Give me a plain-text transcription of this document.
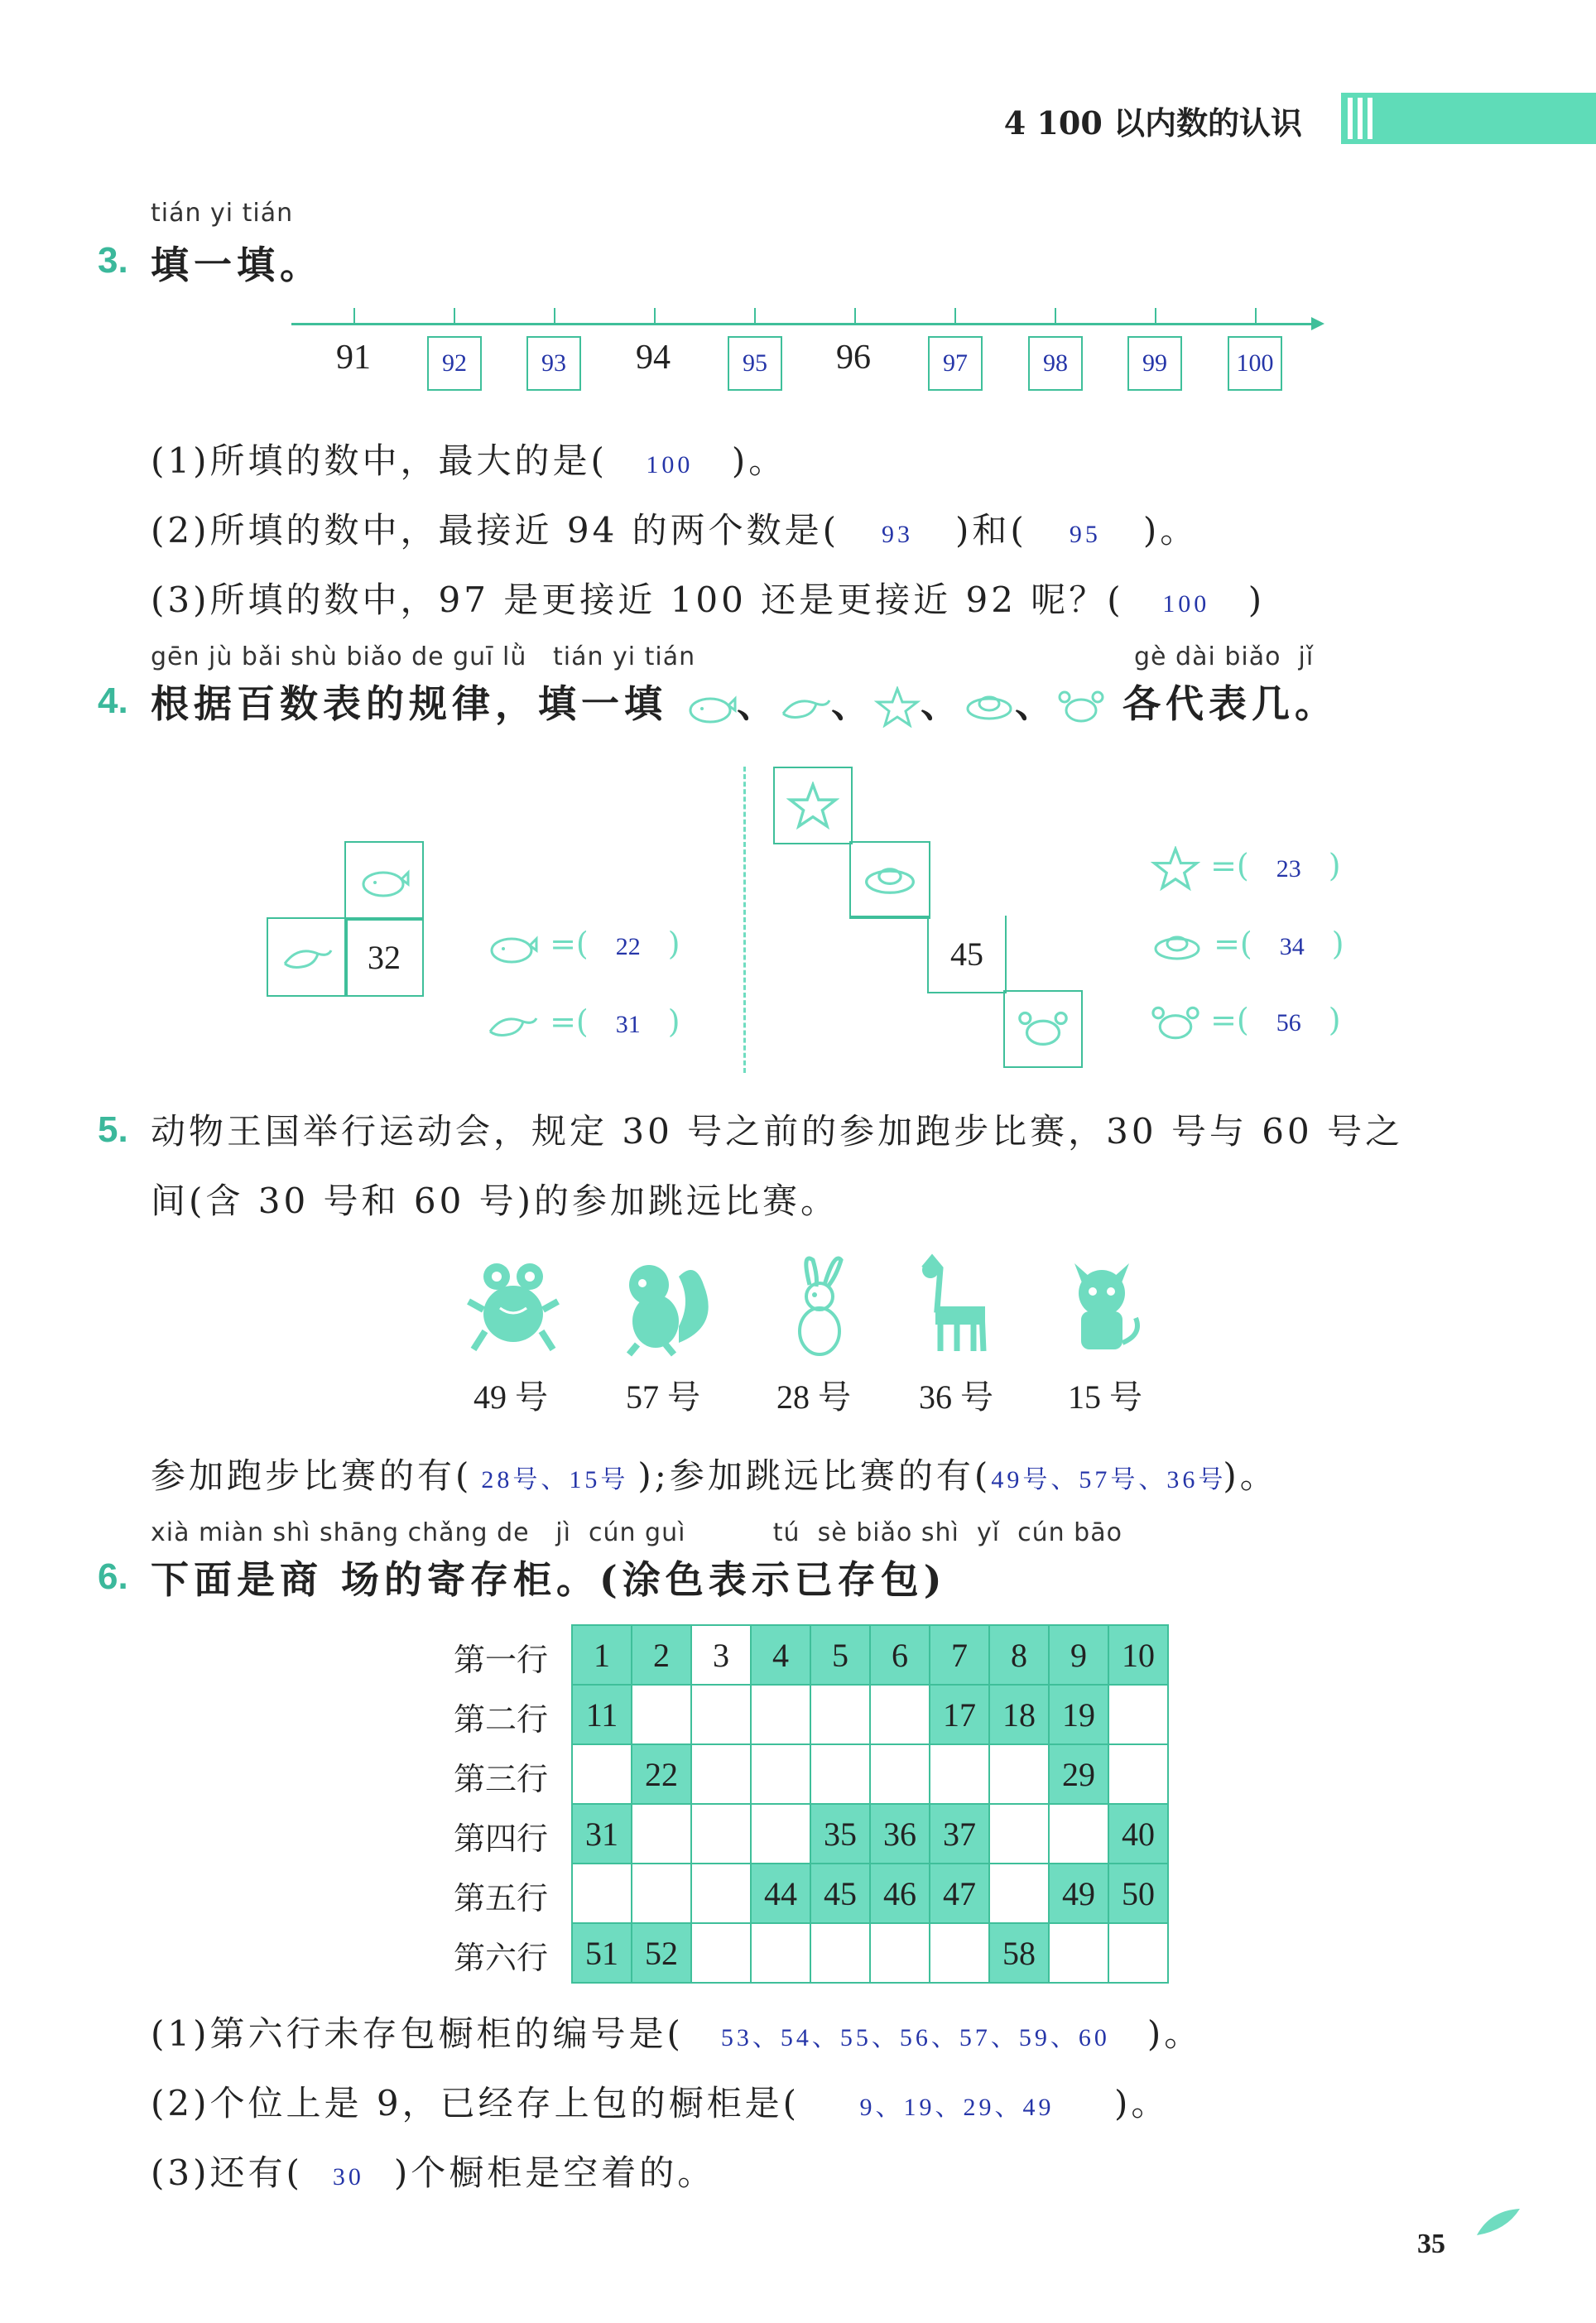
4 100 以内数的认识
tián yi tián
3. 填一填。
91	92	93	94	95	96	97	98	99	100
(1)所填的数中，最大的是( 100 )。
(2)所填的数中，最接近 94 的两个数是( 93 )和( 95 )。
(3)所填的数中，97 是更接近 100 还是更接近 92 呢？( 100 )
gēn jù bǎi shù biǎo de guī lǜ   tián yi tián	gè dài biǎo  jǐ
4. 根据百数表的规律，填一填 、 、 、 、 各代表几。
32	=( 22 )
=( 31 )
45
=( 23 )
=( 34 )
=( 56 )
5. 动物王国举行运动会，规定 30 号之前的参加跑步比赛，30 号与 60 号之
间(含 30 号和 60 号)的参加跳远比赛。
49 号 57 号 28 号 36 号 15 号
参加跑步比赛的有( 28号、15号 );参加跳远比赛的有(49号、57号、36号)。
xià miàn shì shāng chǎng de   jì  cún guì          tú  sè biǎo shì  yǐ  cún bāo
6. 下面是商 场的寄存柜。(涂色表示已存包)
第一行
第二行
第三行
第四行
第五行
第六行
1	2	3	4	5	6	7	8	9	10
11						17	18	19	
	22							29	
31				35	36	37			40
			44	45	46	47		49	50
51	52						58		
(1)第六行未存包橱柜的编号是( 53、54、55、56、57、59、60 )。
(2)个位上是 9，已经存上包的橱柜是( 9、19、29、49 )。
(3)还有( 30 )个橱柜是空着的。
35
